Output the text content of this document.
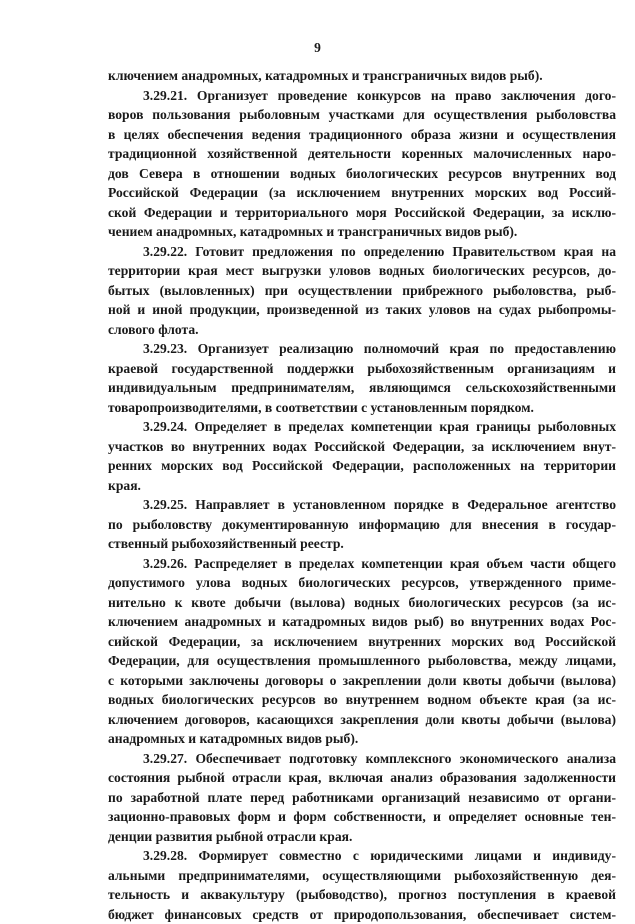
9
ключением анадромных, катадромных и трансграничных видов рыб).
3.29.21. Организует проведение конкурсов на право заключения дого-
воров пользования рыболовным участками для осуществления рыболовства
в целях обеспечения ведения традиционного образа жизни и осуществления
традиционной хозяйственной деятельности коренных малочисленных наро-
дов Севера в отношении водных биологических ресурсов внутренних вод
Российской Федерации (за исключением внутренних морских вод Россий-
ской Федерации и территориального моря Российской Федерации, за исклю-
чением анадромных, катадромных и трансграничных видов рыб).
3.29.22. Готовит предложения по определению Правительством края на
территории края мест выгрузки уловов водных биологических ресурсов, до-
бытых (выловленных) при осуществлении прибрежного рыболовства, рыб-
ной и иной продукции, произведенной из таких уловов на судах рыбопромы-
слового флота.
3.29.23. Организует реализацию полномочий края по предоставлению
краевой государственной поддержки рыбохозяйственным организациям и
индивидуальным предпринимателям, являющимся сельскохозяйственными
товаропроизводителями, в соответствии с установленным порядком.
3.29.24. Определяет в пределах компетенции края границы рыболовных
участков во внутренних водах Российской Федерации, за исключением внут-
ренних морских вод Российской Федерации, расположенных на территории
края.
3.29.25. Направляет в установленном порядке в Федеральное агентство
по рыболовству документированную информацию для внесения в государ-
ственный рыбохозяйственный реестр.
3.29.26. Распределяет в пределах компетенции края объем части общего
допустимого улова водных биологических ресурсов, утвержденного приме-
нительно к квоте добычи (вылова) водных биологических ресурсов (за ис-
ключением анадромных и катадромных видов рыб) во внутренних водах Рос-
сийской Федерации, за исключением внутренних морских вод Российской
Федерации, для осуществления промышленного рыболовства, между лицами,
с которыми заключены договоры о закреплении доли квоты добычи (вылова)
водных биологических ресурсов во внутреннем водном объекте края (за ис-
ключением договоров, касающихся закрепления доли квоты добычи (вылова)
анадромных и катадромных видов рыб).
3.29.27. Обеспечивает подготовку комплексного экономического анализа
состояния рыбной отрасли края, включая анализ образования задолженности
по заработной плате перед работниками организаций независимо от органи-
зационно-правовых форм и форм собственности, и определяет основные тен-
денции развития рыбной отрасли края.
3.29.28. Формирует совместно с юридическими лицами и индивиду-
альными предпринимателями, осуществляющими рыбохозяйственную дея-
тельность и аквакультуру (рыбоводство), прогноз поступления в краевой
бюджет финансовых средств от природопользования, обеспечивает систем-
